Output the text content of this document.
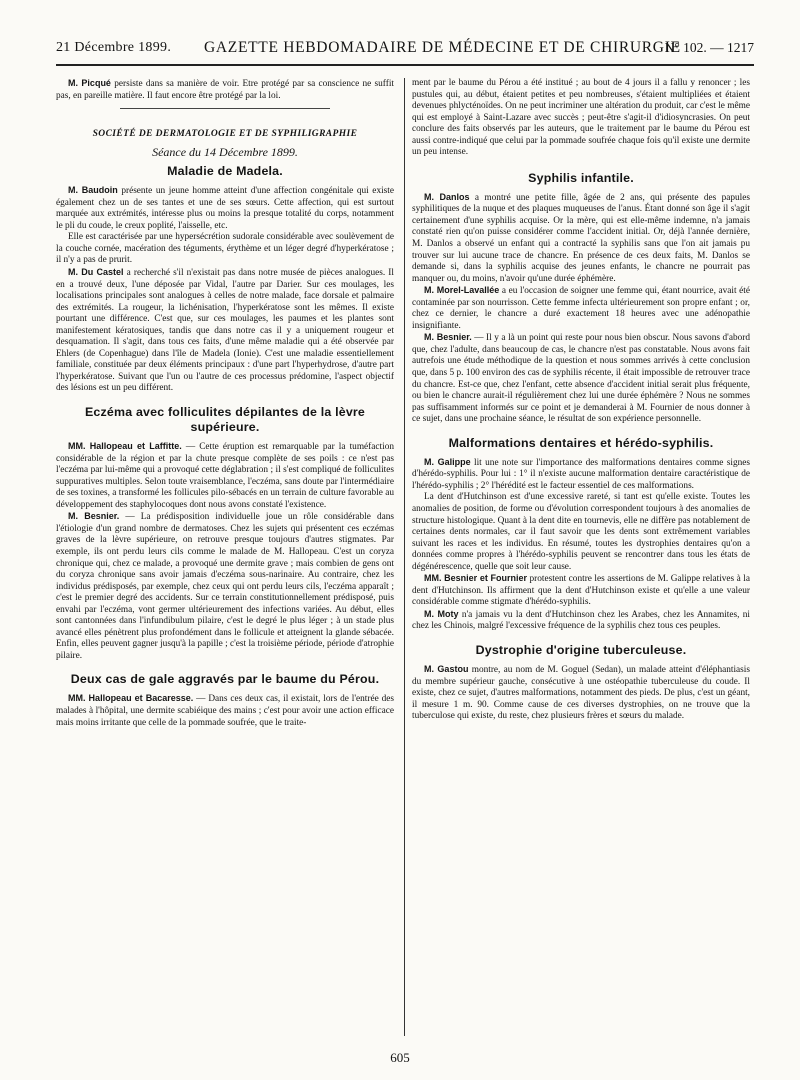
21 Décembre 1899. GAZETTE HEBDOMADAIRE DE MÉDECINE ET DE CHIRURGIE
N° 102. — 1217

M. Picqué persiste dans sa manière de voir. Etre protégé par sa conscience ne suffit pas, en pareille matière. Il faut encore être protégé par la loi.

SOCIÉTÉ DE DERMATOLOGIE ET DE SYPHILIGRAPHIE
Séance du 14 Décembre 1899.
Maladie de Madela.

M. Baudoin présente un jeune homme atteint d'une affection congénitale qui existe également chez un de ses tantes et une de ses sœurs. Cette affection, qui est surtout marquée aux extrémités, intéresse plus ou moins la presque totalité du corps, notamment le pli du coude, le creux poplité, l'aisselle, etc.

Elle est caractérisée par une hypersécrétion sudorale considérable avec soulèvement de la couche cornée, macération des téguments, érythème et un léger degré d'hyperkératose ; il n'y a pas de prurit.

M. Du Castel a recherché s'il n'existait pas dans notre musée de pièces analogues. Il en a trouvé deux, l'une déposée par Vidal, l'autre par Darier. Sur ces moulages, les localisations principales sont analogues à celles de notre malade, face dorsale et palmaire des extrémités. La rougeur, la lichénisation, l'hyperkératose sont les mêmes. Il existe pourtant une différence. C'est que, sur ces moulages, les paumes et les plantes sont manifestement kératosiques, tandis que dans notre cas il y a uniquement rougeur et desquamation. Il s'agit, dans tous ces faits, d'une même maladie qui a été observée par Ehlers (de Copenhague) dans l'île de Madela (Ionie). C'est une maladie essentiellement familiale, constituée par deux éléments principaux : d'une part l'hyperhydrose, d'autre part l'hyperkératose. Suivant que l'un ou l'autre de ces processus prédomine, l'aspect objectif des lésions est un peu différent.

Eczéma avec folliculites dépilantes de la lèvre supérieure.

MM. Hallopeau et Laffitte. — Cette éruption est remarquable par la tuméfaction considérable de la région et par la chute presque complète de ses poils : ce n'est pas l'eczéma par lui-même qui a provoqué cette déglabration ; il s'est compliqué de folliculites suppuratives multiples. Selon toute vraisemblance, l'eczéma, sans doute par l'intermédiaire de ses toxines, a transformé les follicules pilo-sébacés en un terrain de culture favorable au développement des staphylocoques dont nous avons constaté l'existence.

M. Besnier. — La prédisposition individuelle joue un rôle considérable dans l'étiologie d'un grand nombre de dermatoses. Chez les sujets qui présentent ces eczémas graves de la lèvre supérieure, on retrouve presque toujours d'autres stigmates. Par exemple, ils ont perdu leurs cils comme le malade de M. Hallopeau. C'est un coryza chronique qui, chez ce malade, a provoqué une dermite grave ; mais combien de gens ont du coryza chronique sans avoir jamais d'eczéma sous-narinaire. Au contraire, chez les individus prédisposés, par exemple, chez ceux qui ont perdu leurs cils, l'eczéma apparaît ; c'est le premier degré des accidents. Sur ce terrain constitutionnellement prédisposé, puis envahi par l'eczéma, vont germer ultérieurement des infections variées. Au début, elles sont cantonnées dans l'infundibulum pilaire, c'est le degré le plus léger ; à un stade plus avancé elles pénètrent plus profondément dans le follicule et atteignent la glande sébacée. Enfin, elles peuvent gagner jusqu'à la papille ; c'est la troisième période, période d'atrophie pilaire.

Deux cas de gale aggravés par le baume du Pérou.

MM. Hallopeau et Bacaresse. — Dans ces deux cas, il existait, lors de l'entrée des malades à l'hôpital, une dermite scabiéique des mains ; c'est pour avoir une action efficace mais moins irritante que celle de la pommade soufrée, que le traite-

ment par le baume du Pérou a été institué ; au bout de 4 jours il a fallu y renoncer ; les pustules qui, au début, étaient petites et peu nombreuses, s'étaient multipliées et étaient devenues phlycténoïdes. On ne peut incriminer une altération du produit, car c'est le même qui est employé à Saint-Lazare avec succès ; peut-être s'agit-il d'idiosyncrasies. On peut conclure des faits observés par les auteurs, que le traitement par le baume du Pérou est aussi contre-indiqué que celui par la pommade soufrée chaque fois qu'il existe une dermite un peu intense.

Syphilis infantile.

M. Danlos a montré une petite fille, âgée de 2 ans, qui présente des papules syphilitiques de la nuque et des plaques muqueuses de l'anus. Étant donné son âge il s'agit certainement d'une syphilis acquise. Or la mère, qui est elle-même indemne, n'a jamais constaté rien qu'on puisse considérer comme l'accident initial. Or, déjà l'année dernière, M. Danlos a observé un enfant qui a contracté la syphilis sans que l'on ait jamais pu trouver sur lui aucune trace de chancre. En présence de ces deux faits, M. Danlos se demande si, dans la syphilis acquise des jeunes enfants, le chancre ne pourrait pas manquer ou, du moins, n'avoir qu'une durée éphémère.

M. Morel-Lavallée a eu l'occasion de soigner une femme qui, étant nourrice, avait été contaminée par son nourrisson. Cette femme infecta ultérieurement son propre enfant ; or, chez ce dernier, le chancre a duré exactement 18 heures avec une adénopathie insignifiante.

M. Besnier. — Il y a là un point qui reste pour nous bien obscur. Nous savons d'abord que, chez l'adulte, dans beaucoup de cas, le chancre n'est pas constatable. Nous avons fait autrefois une étude méthodique de la question et nous sommes arrivés à cette conclusion que, dans 5 p. 100 environ des cas de syphilis récente, il était impossible de retrouver trace du chancre. Est-ce que, chez l'enfant, cette absence d'accident initial serait plus fréquente, ou bien le chancre aurait-il régulièrement chez lui une durée éphémère ? Nous ne sommes pas suffisamment informés sur ce point et je demanderai à M. Fournier de nous donner à ce sujet, dans une prochaine séance, le résultat de son expérience personnelle.

Malformations dentaires et hérédo-syphilis.

M. Galippe lit une note sur l'importance des malformations dentaires comme signes d'hérédo-syphilis. Pour lui : 1° il n'existe aucune malformation dentaire caractéristique de l'hérédo-syphilis ; 2° l'hérédité est le facteur essentiel de ces malformations.

La dent d'Hutchinson est d'une excessive rareté, si tant est qu'elle existe. Toutes les anomalies de position, de forme ou d'évolution correspondent toujours à des anomalies de structure histologique. Quant à la dent dite en tournevis, elle ne diffère pas notablement de certaines dents normales, car il faut savoir que les dents sont extrêmement variables suivant les races et les individus. En résumé, toutes les dystrophies dentaires qu'on a données comme propres à l'hérédo-syphilis peuvent se rencontrer dans tous les états de dégénérescence, quelle que soit leur cause.

MM. Besnier et Fournier protestent contre les assertions de M. Galippe relatives à la dent d'Hutchinson. Ils affirment que la dent d'Hutchinson existe et qu'elle a une valeur considérable comme stigmate d'hérédo-syphilis.

M. Moty n'a jamais vu la dent d'Hutchinson chez les Arabes, chez les Annamites, ni chez les Chinois, malgré l'excessive fréquence de la syphilis chez tous ces peuples.

Dystrophie d'origine tuberculeuse.

M. Gastou montre, au nom de M. Goguel (Sedan), un malade atteint d'éléphantiasis du membre supérieur gauche, consécutive à une ostéopathie tuberculeuse du coude. Il existe, chez ce sujet, d'autres malformations, notamment des pieds. De plus, c'est un géant, il mesure 1 m. 90. Comme cause de ces diverses dystrophies, on ne trouve que la tuberculose qui existe, du reste, chez plusieurs frères et sœurs du malade.

605
